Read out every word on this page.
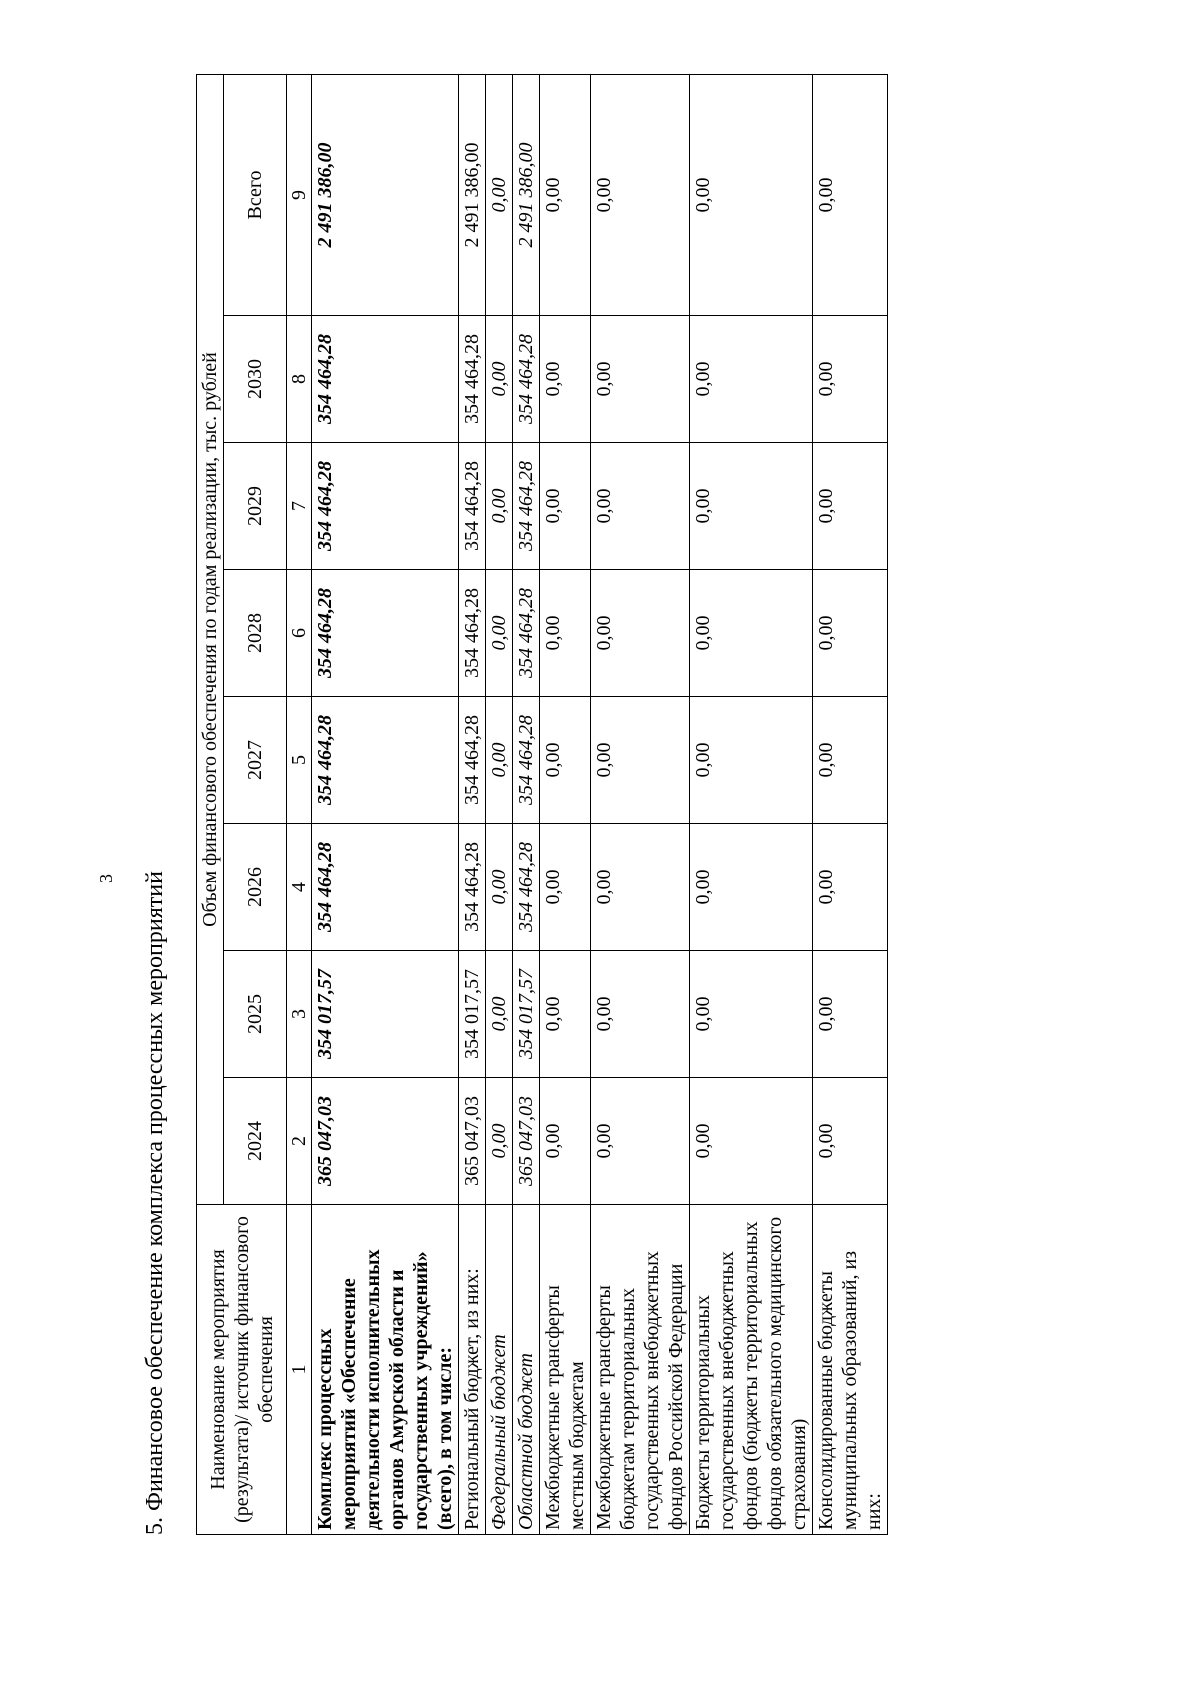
3 5. Финансовое обеспечение комплекса процессных мероприятий Наименование мероприятия (результата)/ источник финансового обеспечения	Объем финансового обеспечения по годам реализации, тыс. рублей							
	2024	2025	2026	2027	2028	2029	2030	Всего
1	2	3	4	5	6	7	8	9
Комплекс процессных мероприятий «Обеспечение деятельности исполнительных органов Амурской области и государственных учреждений» (всего), в том числе:	365 047,03	354 017,57	354 464,28	354 464,28	354 464,28	354 464,28	354 464,28	2 491 386,00
Региональный бюджет, из них:	365 047,03	354 017,57	354 464,28	354 464,28	354 464,28	354 464,28	354 464,28	2 491 386,00
Федеральный бюджет	0,00	0,00	0,00	0,00	0,00	0,00	0,00	0,00
Областной бюджет	365 047,03	354 017,57	354 464,28	354 464,28	354 464,28	354 464,28	354 464,28	2 491 386,00
Межбюджетные трансферты местным бюджетам	0,00	0,00	0,00	0,00	0,00	0,00	0,00	0,00
Межбюджетные трансферты бюджетам территориальных государственных внебюджетных фондов Российской Федерации	0,00	0,00	0,00	0,00	0,00	0,00	0,00	0,00
Бюджеты территориальных государственных внебюджетных фондов (бюджеты территориальных фондов обязательного медицинского страхования)	0,00	0,00	0,00	0,00	0,00	0,00	0,00	0,00
Консолидированные бюджеты муниципальных образований, из них:	0,00	0,00	0,00	0,00	0,00	0,00	0,00	0,00
